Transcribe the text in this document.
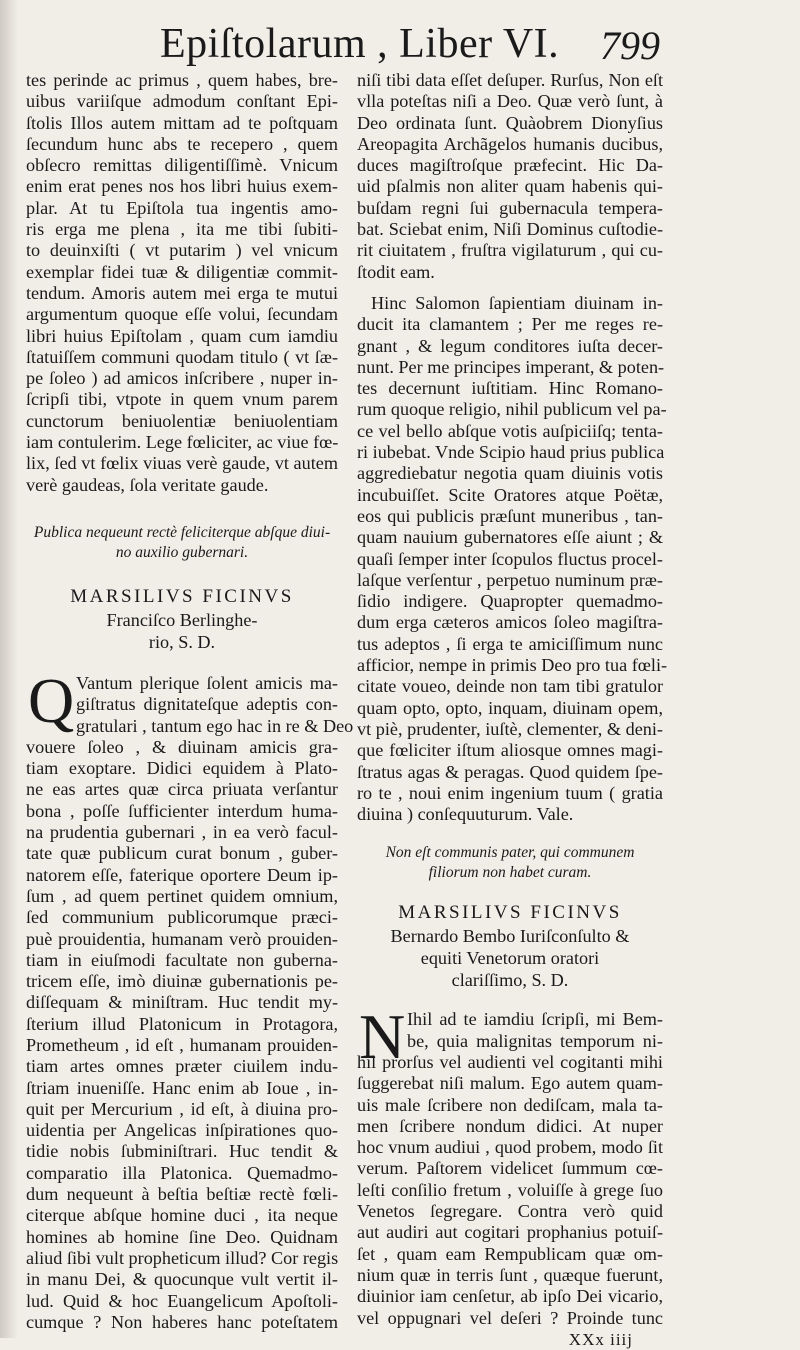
Epiſtolarum , Liber VI. 799
tes perinde ac primus , quem habes, bre-
uibus variiſque admodum conſtant Epi-
ſtolis Illos autem mittam ad te poſtquam
ſecundum hunc abs te recepero , quem
obſecro remittas diligentiſſimè. Vnicum
enim erat penes nos hos libri huius exem-
plar. At tu Epiſtola tua ingentis amo-
ris erga me plena , ita me tibi ſubiti-
to deuinxiſti ( vt putarim ) vel vnicum
exemplar fidei tuæ & diligentiæ commit-
tendum. Amoris autem mei erga te mutui
argumentum quoque eſſe volui, ſecundam
libri huius Epiſtolam , quam cum iamdiu
ſtatuiſſem communi quodam titulo ( vt ſæ-
pe ſoleo ) ad amicos inſcribere , nuper in-
ſcripſi tibi, vtpote in quem vnum parem
cunctorum beniuolentiæ beniuolentiam
iam contulerim. Lege fœliciter, ac viue fœ-
lix, ſed vt fœlix viuas verè gaude, vt autem
verè gaudeas, ſola veritate gaude.
Publica nequeunt rectè feliciterque abſque diui-
no auxilio gubernari.
MARSILIVS FICINVS
Franciſco Berlinghe-
rio, S. D.
Q Vantum plerique ſolent amicis ma-
giſtratus dignitateſque adeptis con-
gratulari , tantum ego hac in re & Deo
vouere ſoleo , & diuinam amicis gra-
tiam exoptare. Didici equidem à Plato-
ne eas artes quæ circa priuata verſantur
bona , poſſe ſufficienter interdum huma-
na prudentia gubernari , in ea verò facul-
tate quæ publicum curat bonum , guber-
natorem eſſe, faterique oportere Deum ip-
ſum , ad quem pertinet quidem omnium,
ſed communium publicorumque præci-
puè prouidentia, humanam verò prouiden-
tiam in eiuſmodi facultate non guberna-
tricem eſſe, imò diuinæ gubernationis pe-
diſſequam & miniſtram. Huc tendit my-
ſterium illud Platonicum in Protagora,
Prometheum , id eſt , humanam prouiden-
tiam artes omnes præter ciuilem indu-
ſtriam inueniſſe. Hanc enim ab Ioue , in-
quit per Mercurium , id eſt, à diuina pro-
uidentia per Angelicas inſpirationes quo-
tidie nobis ſubminiſtrari. Huc tendit &
comparatio illa Platonica. Quemadmo-
dum nequeunt à beſtia beſtiæ rectè fœli-
citerque abſque homine duci , ita neque
homines ab homine ſine Deo. Quidnam
aliud ſibi vult propheticum illud? Cor regis
in manu Dei, & quocunque vult vertit il-
lud. Quid & hoc Euangelicum Apoſtoli-
cumque ? Non haberes hanc poteſtatem
niſi tibi data eſſet deſuper. Rurſus, Non eſt
vlla poteſtas niſi a Deo. Quæ verò ſunt, à
Deo ordinata ſunt. Quàobrem Dionyſius
Areopagita Archãgelos humanis ducibus,
duces magiſtroſque præfecint. Hic Da-
uid pſalmis non aliter quam habenis qui-
buſdam regni ſui gubernacula tempera-
bat. Sciebat enim, Niſi Dominus cuſtodie-
rit ciuitatem , fruſtra vigilaturum , qui cu-
ſtodit eam.
Hinc Salomon ſapientiam diuinam in-
ducit ita clamantem ; Per me reges re-
gnant , & legum conditores iuſta decer-
nunt. Per me principes imperant, & poten-
tes decernunt iuſtitiam. Hinc Romano-
rum quoque religio, nihil publicum vel pa-
ce vel bello abſque votis auſpiciiſq; tentа-
ri iubebat. Vnde Scipio haud prius publica
aggrediebatur negotia quam diuinis votis
incubuiſſet. Scite Oratores atque Poëtæ,
eos qui publicis præſunt muneribus , tan-
quam nauium gubernatores eſſe aiunt ; &
quaſi ſemper inter ſcopulos fluctus procel-
laſque verſentur , perpetuo numinum præ-
ſidio indigere. Quapropter quemadmo-
dum erga cæteros amicos ſoleo magiſtra-
tus adeptos , ſi erga te amiciſſimum nunc
afficior, nempe in primis Deo pro tua fœli-
citate voueo, deinde non tam tibi gratulor
quam opto, opto, inquam, diuinam opem,
vt piè, prudenter, iuſtè, clementer, & deni-
que fœliciter iſtum aliosque omnes magi-
ſtratus agas & peragas. Quod quidem ſpe-
ro te , noui enim ingenium tuum ( gratia
diuina ) conſequuturum. Vale.
Non eſt communis pater, qui communem
filiorum non habet curam.
MARSILIVS FICINVS
Bernardo Bembo Iuriſconſulto &
equiti Venetorum oratori
clariſſimo, S. D.
N Ihil ad te iamdiu ſcripſi, mi Bem-
be, quia malignitas temporum ni-
hil prorſus vel audienti vel cogitanti mihi
ſuggerebat niſi malum. Ego autem quam-
uis male ſcribere non dediſcam, mala ta-
men ſcribere nondum didici. At nuper
hoc vnum audiui , quod probem, modo ſit
verum. Paſtorem videlicet ſummum cœ-
leſti conſilio fretum , voluiſſe à grege ſuo
Venetos ſegregare. Contra verò quid
aut audiri aut cogitari prophanius potuiſ-
ſet , quam eam Rempublicam quæ om-
nium quæ in terris ſunt , quæque fuerunt,
diuinior iam cenſetur, ab ipſo Dei vicario,
vel oppugnari vel deſeri ? Proinde tunc
XXx iiij
